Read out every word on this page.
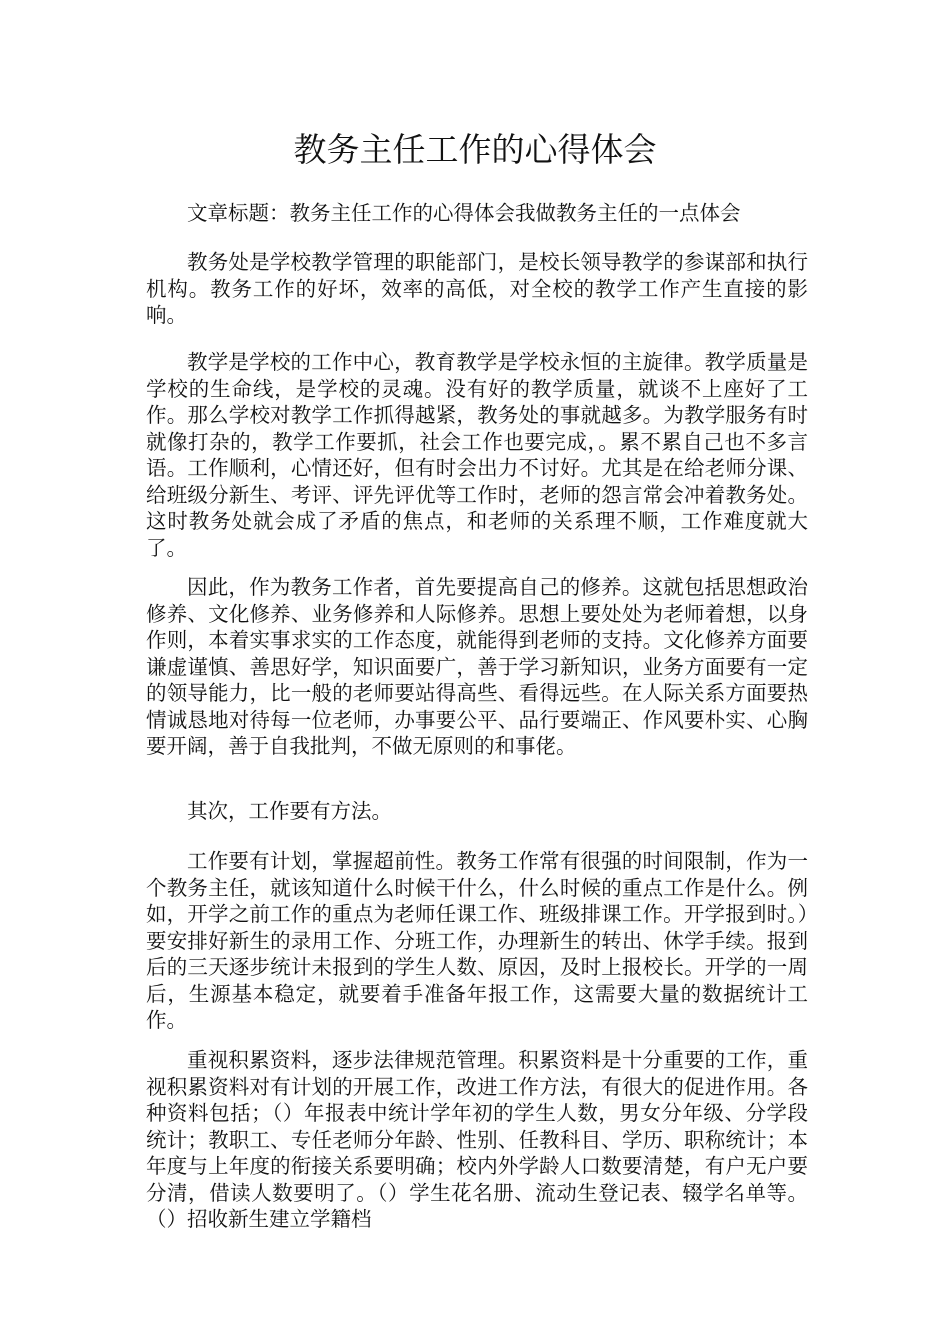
教务主任工作的心得体会

文章标题：教务主任工作的心得体会我做教务主任的一点体会

教务处是学校教学管理的职能部门，是校长领导教学的参谋部和执行机构。教务工作的好坏，效率的高低，对全校的教学工作产生直接的影响。

教学是学校的工作中心，教育教学是学校永恒的主旋律。教学质量是学校的生命线，是学校的灵魂。没有好的教学质量，就谈不上座好了工作。那么学校对教学工作抓得越紧，教务处的事就越多。为教学服务有时就像打杂的，教学工作要抓，社会工作也要完成，。累不累自己也不多言语。工作顺利，心情还好，但有时会出力不讨好。尤其是在给老师分课、给班级分新生、考评、评先评优等工作时，老师的怨言常会冲着教务处。这时教务处就会成了矛盾的焦点，和老师的关系理不顺，工作难度就大了。

因此，作为教务工作者，首先要提高自己的修养。这就包括思想政治修养、文化修养、业务修养和人际修养。思想上要处处为老师着想，以身作则，本着实事求实的工作态度，就能得到老师的支持。文化修养方面要谦虚谨慎、善思好学，知识面要广，善于学习新知识，业务方面要有一定的领导能力，比一般的老师要站得高些、看得远些。在人际关系方面要热情诚恳地对待每一位老师，办事要公平、品行要端正、作风要朴实、心胸要开阔，善于自我批判，不做无原则的和事佬。

其次，工作要有方法。

工作要有计划，掌握超前性。教务工作常有很强的时间限制，作为一个教务主任，就该知道什么时候干什么，什么时候的重点工作是什么。例如，开学之前工作的重点为老师任课工作、班级排课工作。开学报到时。）要安排好新生的录用工作、分班工作，办理新生的转出、休学手续。报到后的三天逐步统计未报到的学生人数、原因，及时上报校长。开学的一周后，生源基本稳定，就要着手准备年报工作，这需要大量的数据统计工作。

重视积累资料，逐步法律规范管理。积累资料是十分重要的工作，重视积累资料对有计划的开展工作，改进工作方法，有很大的促进作用。各种资料包括；（）年报表中统计学年初的学生人数，男女分年级、分学段统计；教职工、专任老师分年龄、性别、任教科目、学历、职称统计；本年度与上年度的衔接关系要明确；校内外学龄人口数要清楚，有户无户要分清，借读人数要明了。（）学生花名册、流动生登记表、辍学名单等。（）招收新生建立学籍档
